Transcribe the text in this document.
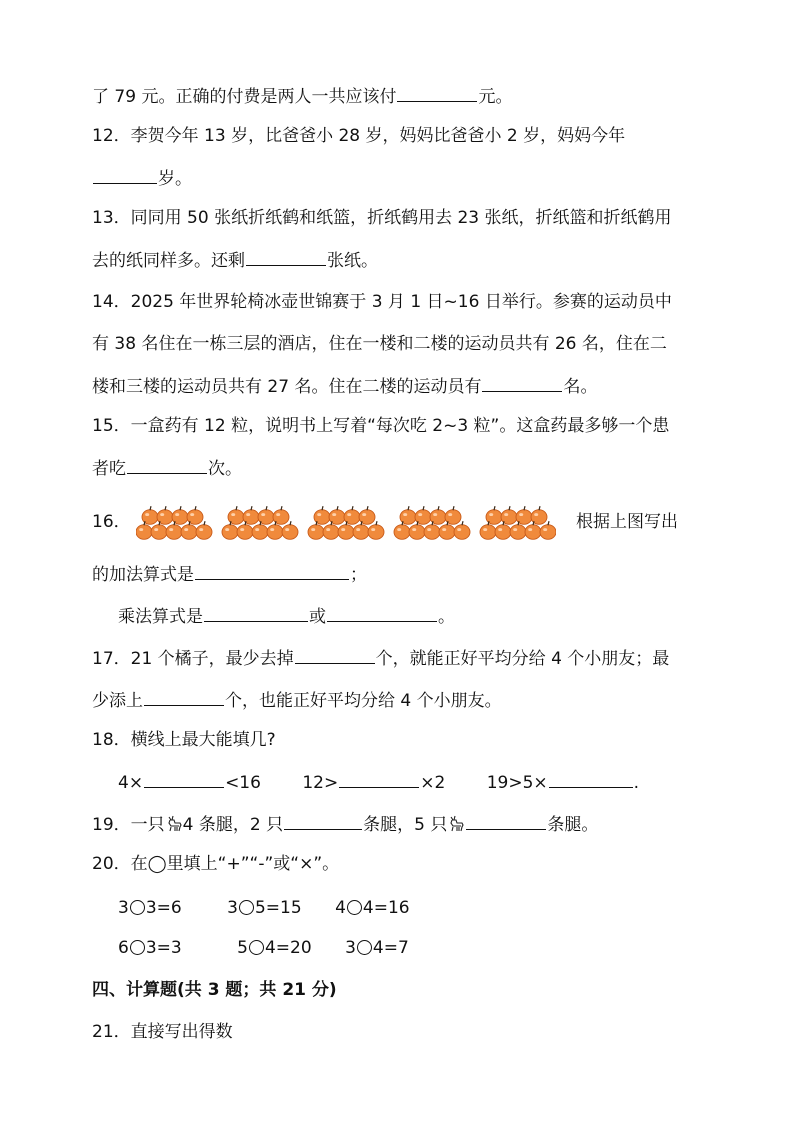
了 79 元。正确的付费是两人一共应该付	元。
12．李贺今年 13 岁，比爸爸小 28 岁，妈妈比爸爸小 2 岁，妈妈今年
岁。
13．同同用 50 张纸折纸鹤和纸篮，折纸鹤用去 23 张纸，折纸篮和折纸鹤用
去的纸同样多。还剩	张纸。
14．2025 年世界轮椅冰壶世锦赛于 3 月 1 日~16 日举行。参赛的运动员中
有 38 名住在一栋三层的酒店，住在一楼和二楼的运动员共有 26 名，住在二
楼和三楼的运动员共有 27 名。住在二楼的运动员有	名。
15．一盒药有 12 粒，说明书上写着“每次吃 2~3 粒”。这盒药最多够一个患
者吃	次。
16．	根据上图写出
的加法算式是	；
乘法算式是	或	。
17．21 个橘子，最少去掉	个，就能正好平均分给 4 个小朋友；最
少添上	个，也能正好平均分给 4 个小朋友。
18．横线上最大能填几?
4×	<16 12>	×2 19>5×	.
19．一只 4 条腿，2 只	条腿，5 只	条腿。
20．在◯里填上“+”“-”或“×”。
3 3=6	3 5=15 4 4=16
6 3=3	5 4=20 3 4=7
四、计算题(共 3 题；共 21 分)
21．直接写出得数
